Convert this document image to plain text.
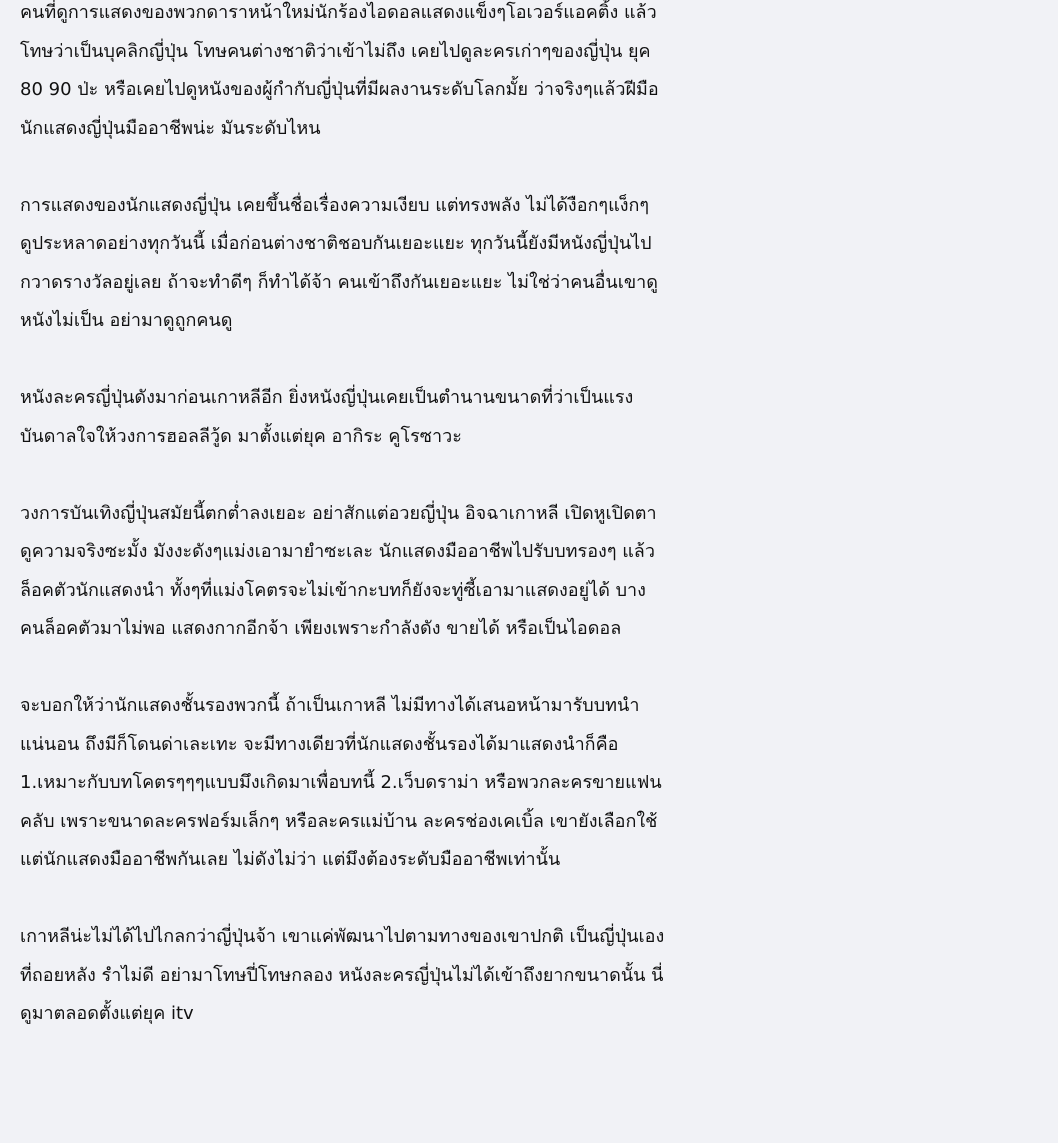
คนที่ดูการแสดงของพวกดาราหน้าใหม่นักร้องไอดอลแสดงแข็งๆโอเวอร์แอคติ้ง แล้ว
โทษว่าเป็นบุคลิกญี่ปุ่น โทษคนต่างชาติว่าเข้าไม่ถึง เคยไปดูละครเก่าๆของญี่ปุ่น ยุค
80 90 ป่ะ หรือเคยไปดูหนังของผู้กำกับญี่ปุ่นที่มีผลงานระดับโลกมั้ย ว่าจริงๆแล้วฝีมือ
นักแสดงญี่ปุ่นมืออาชีพน่ะ มันระดับไหน

การแสดงของนักแสดงญี่ปุ่น เคยขึ้นชื่อเรื่องความเงียบ แต่ทรงพลัง ไม่ได้งือกๆแง็กๆ
ดูประหลาดอย่างทุกวันนี้ เมื่อก่อนต่างชาติชอบกันเยอะแยะ ทุกวันนี้ยังมีหนังญี่ปุ่นไป
กวาดรางวัลอยู่เลย ถ้าจะทำดีๆ ก็ทำได้จ้า คนเข้าถึงกันเยอะแยะ ไม่ใช่ว่าคนอื่นเขาดู
หนังไม่เป็น อย่ามาดูถูกคนดู

หนังละครญี่ปุ่นดังมาก่อนเกาหลีอีก ยิ่งหนังญี่ปุ่นเคยเป็นตำนานขนาดที่ว่าเป็นแรง
บันดาลใจให้วงการฮอลลีวู้ด มาตั้งแต่ยุค อากิระ คูโรซาวะ

วงการบันเทิงญี่ปุ่นสมัยนี้ตกต่ำลงเยอะ อย่าสักแต่อวยญี่ปุ่น อิจฉาเกาหลี เปิดหูเปิดตา
ดูความจริงซะมั้ง มังงะดังๆแม่งเอามายำซะเละ นักแสดงมืออาชีพไปรับบทรองๆ แล้ว
ล็อคตัวนักแสดงนำ ทั้งๆที่แม่งโคตรจะไม่เข้ากะบทก็ยังจะทู่ซี้เอามาแสดงอยู่ได้ บาง
คนล็อคตัวมาไม่พอ แสดงกากอีกจ้า เพียงเพราะกำลังดัง ขายได้ หรือเป็นไอดอล

จะบอกให้ว่านักแสดงชั้นรองพวกนี้ ถ้าเป็นเกาหลี ไม่มีทางได้เสนอหน้ามารับบทนำ
แน่นอน ถึงมีก็โดนด่าเละเทะ จะมีทางเดียวที่นักแสดงชั้นรองได้มาแสดงนำก็คือ
1.เหมาะกับบทโคตรๆๆๆแบบมึงเกิดมาเพื่อบทนี้ 2.เว็บดราม่า หรือพวกละครขายแฟน
คลับ เพราะขนาดละครฟอร์มเล็กๆ หรือละครแม่บ้าน ละครช่องเคเบิ้ล เขายังเลือกใช้
แต่นักแสดงมืออาชีพกันเลย ไม่ดังไม่ว่า แต่มึงต้องระดับมืออาชีพเท่านั้น

เกาหลีน่ะไม่ได้ไปไกลกว่าญี่ปุ่นจ้า เขาแค่พัฒนาไปตามทางของเขาปกติ เป็นญี่ปุ่นเอง
ที่ถอยหลัง รำไม่ดี อย่ามาโทษปี่โทษกลอง หนังละครญี่ปุ่นไม่ได้เข้าถึงยากขนาดนั้น นี่
ดูมาตลอดตั้งแต่ยุค itv
